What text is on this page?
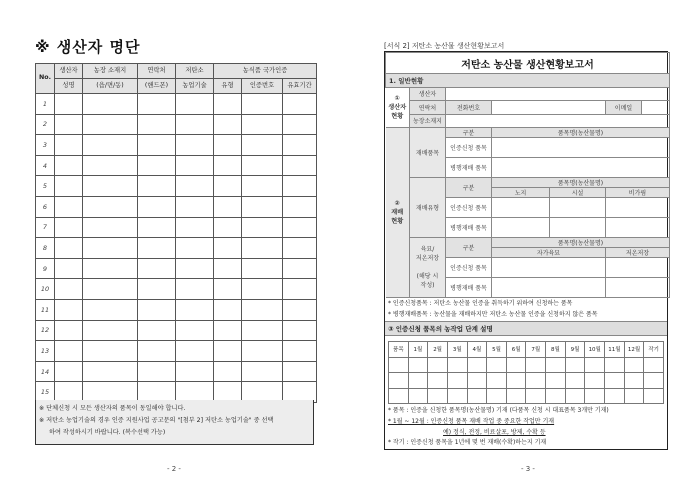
※ 생산자 명단
No.	생산자	농장 소재지	연락처	저탄소	농식품 국가인증		
	성명	(읍/면/동)	(핸드폰)	농업기술	유형	인증번호	유효기간
1							
2							
3							
4							
5							
6							
7							
8							
9							
10							
11							
12							
13							
14							
15							
※ 단체신청 시 모든 생산자의 품목이 동일해야 합니다.
※ 저탄소 농업기술의 경우 인증 지원사업 공고문의 "[첨부 2] 저탄소 농업기술" 중 선택
하여 작성하시기 바랍니다. (복수선택 가능)
- 2 -
[서식 2] 저탄소 농산물 생산현황보고서
저탄소 농산물 생산현황보고서						
1. 일반현황						
①
생산자
현황	생산자					
	연락처	전화번호			이메일	
	농장소재지					
②
재배
현황	재배품목	구분	품목명(농산물명)			
		인증신청 품목				
		병행재배 품목				
	재배유형	구분	품목명(농산물명)			
			노지	시설	비가림	
		인증신청 품목				
		병행재배 품목				
	육묘/
저온저장

(해당 시
작성)	구분	품목명(농산물명)			
			자가육묘		저온저장	
		인증신청 품목				
		병행재배 품목				
* 인증신청품목 : 저탄소 농산물 인증을 취득하기 위하여 신청하는 품목
* 병행재배품목 : 농산물을 재배하지만 저탄소 농산물 인증을 신청하지 않은 품목
③ 인증신청 품목의 농작업 단계 설명
품목	1월	2월	3월	4월	5월	6월	7월	8월	9월	10월	11월	12월	작기

* 품목 : 인증을 신청한 품목명(농산물명) 기재 (다품목 신청 시 대표품목 3개만 기재)
* 1월 ~ 12월 : 인증신청 품목 재배 작업 중 중요한 작업만 기재
예) 정식, 전정, 비료살포, 방제, 수확 등
* 작기 : 인증신청 품목을 1년에 몇 번 재배(수확)하는지 기재
- 3 -
